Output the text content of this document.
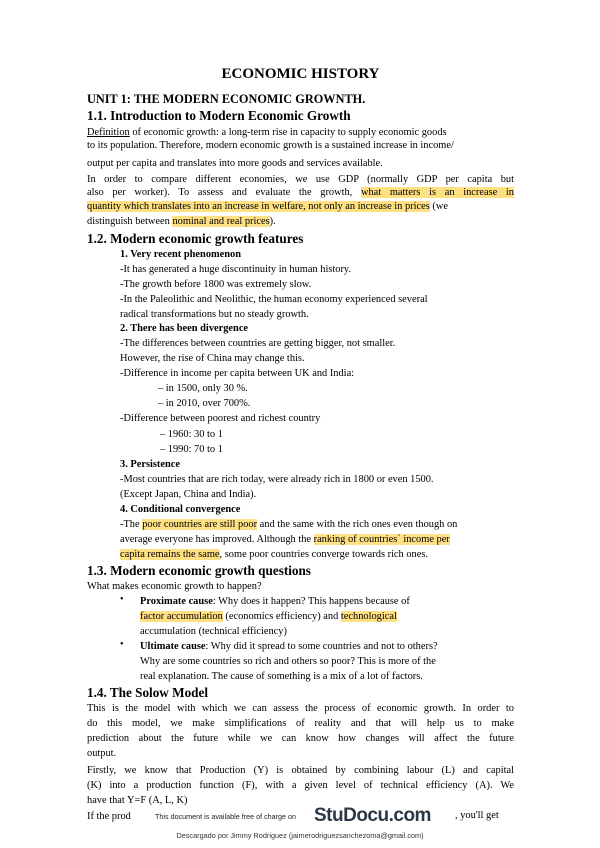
ECONOMIC HISTORY
UNIT 1: THE MODERN ECONOMIC GROWNTH.
1.1. Introduction to Modern Economic Growth
Definition of economic growth: a long-term rise in capacity to supply economic goods
to its population. Therefore, modern economic growth is a sustained increase in income/
output per capita and translates into more goods and services available.
In order to compare different economies, we use GDP (normally GDP per capita but
also per worker). To assess and evaluate the growth, what matters is an increase in
quantity which translates into an increase in welfare, not only an increase in prices (we
distinguish between nominal and real prices).
1.2. Modern economic growth features
1. Very recent phenomenon
-It has generated a huge discontinuity in human history.
-The growth before 1800 was extremely slow.
-In the Paleolithic and Neolithic, the human economy experienced several
radical transformations but no steady growth.
2. There has been divergence
-The differences between countries are getting bigger, not smaller.
However, the rise of China may change this.
-Difference in income per capita between UK and India:
– in 1500, only 30 %.
– in 2010, over 700%.
-Difference between poorest and richest country
– 1960: 30 to 1
– 1990: 70 to 1
3. Persistence
-Most countries that are rich today, were already rich in 1800 or even 1500.
(Except Japan, China and India).
4. Conditional convergence
-The poor countries are still poor and the same with the rich ones even though on
average everyone has improved. Although the ranking of countries´ income per
capita remains the same, some poor countries converge towards rich ones.
1.3. Modern economic growth questions
What makes economic growth to happen?
• Proximate cause: Why does it happen? This happens because of
factor accumulation (economics efficiency) and technological
accumulation (technical efficiency)
• Ultimate cause: Why did it spread to some countries and not to others?
Why are some countries so rich and others so poor? This is more of the
real explanation. The cause of something is a mix of a lot of factors.
1.4. The Solow Model
This is the model with which we can assess the process of economic growth. In order to
do this model, we make simplifications of reality and that will help us to make
prediction about the future while we can know how changes will affect the future
output.
Firstly, we know that Production (Y) is obtained by combining labour (L) and capital
(K) into a production function (F), with a given level of technical efficiency (A). We
have that Y=F (A, L, K)
If the prod	, you'll get
This document is available free of charge on StuDocu.com
Descargado por Jimmy Rodriguez (jaimerodriguezsanchezoma@gmail.com)
